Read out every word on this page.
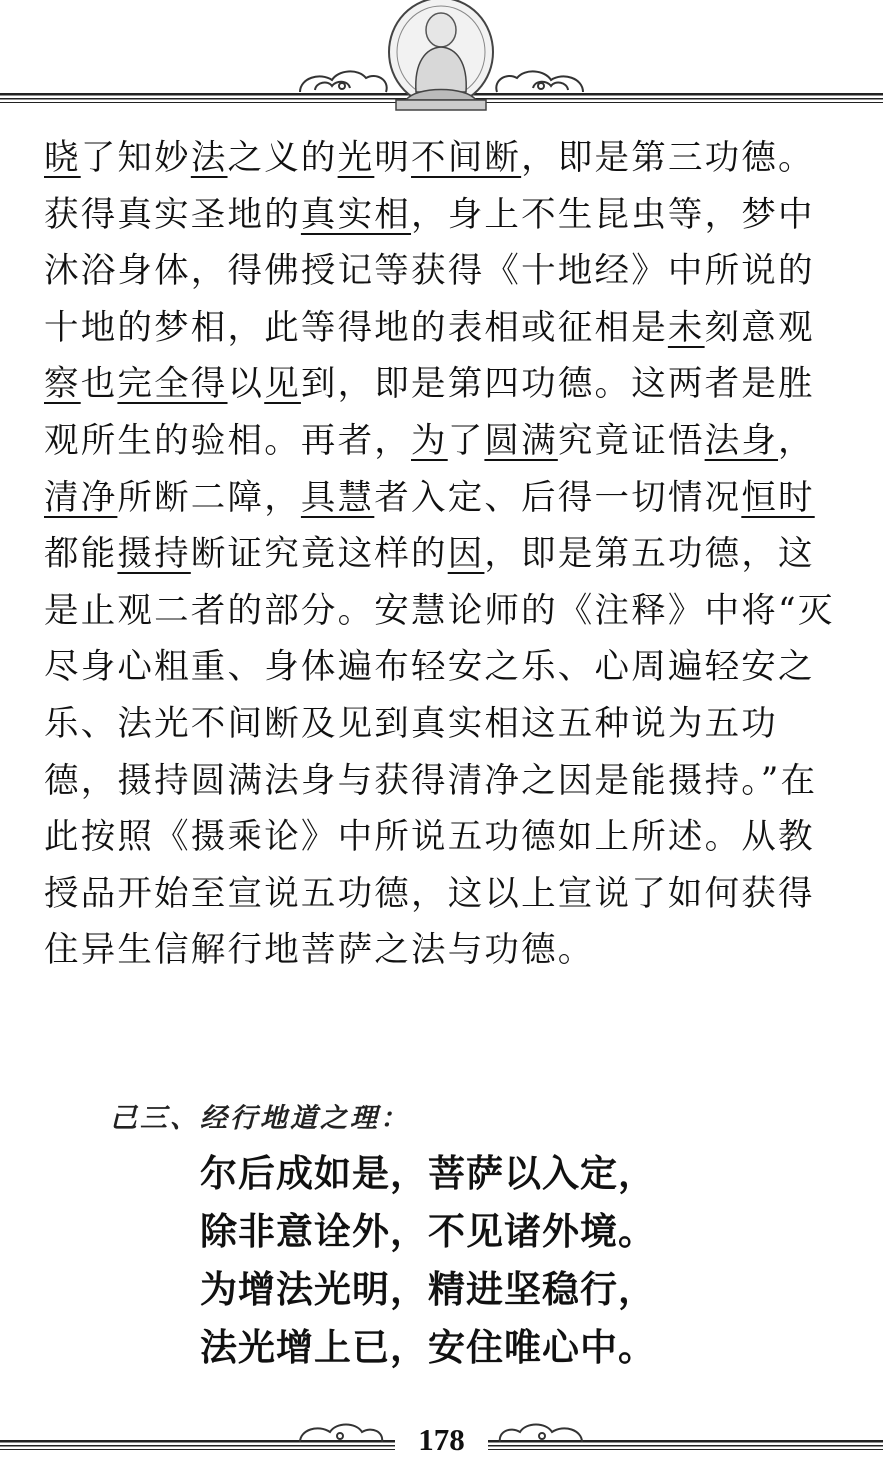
晓了知妙法之义的光明不间断，即是第三功德。获得真实圣地的真实相，身上不生昆虫等，梦中沐浴身体，得佛授记等获得《十地经》中所说的十地的梦相，此等得地的表相或征相是未刻意观察也完全得以见到，即是第四功德。这两者是胜观所生的验相。再者，为了圆满究竟证悟法身，清净所断二障，具慧者入定、后得一切情况恒时都能摄持断证究竟这样的因，即是第五功德，这是止观二者的部分。安慧论师的《注释》中将“灭尽身心粗重、身体遍布轻安之乐、心周遍轻安之乐、法光不间断及见到真实相这五种说为五功德，摄持圆满法身与获得清净之因是能摄持。”在此按照《摄乘论》中所说五功德如上所述。从教授品开始至宣说五功德，这以上宣说了如何获得住异生信解行地菩萨之法与功德。
己三、经行地道之理：
尔后成如是，菩萨以入定，
除非意诠外，不见诸外境。
为增法光明，精进坚稳行，
法光增上已，安住唯心中。
178
